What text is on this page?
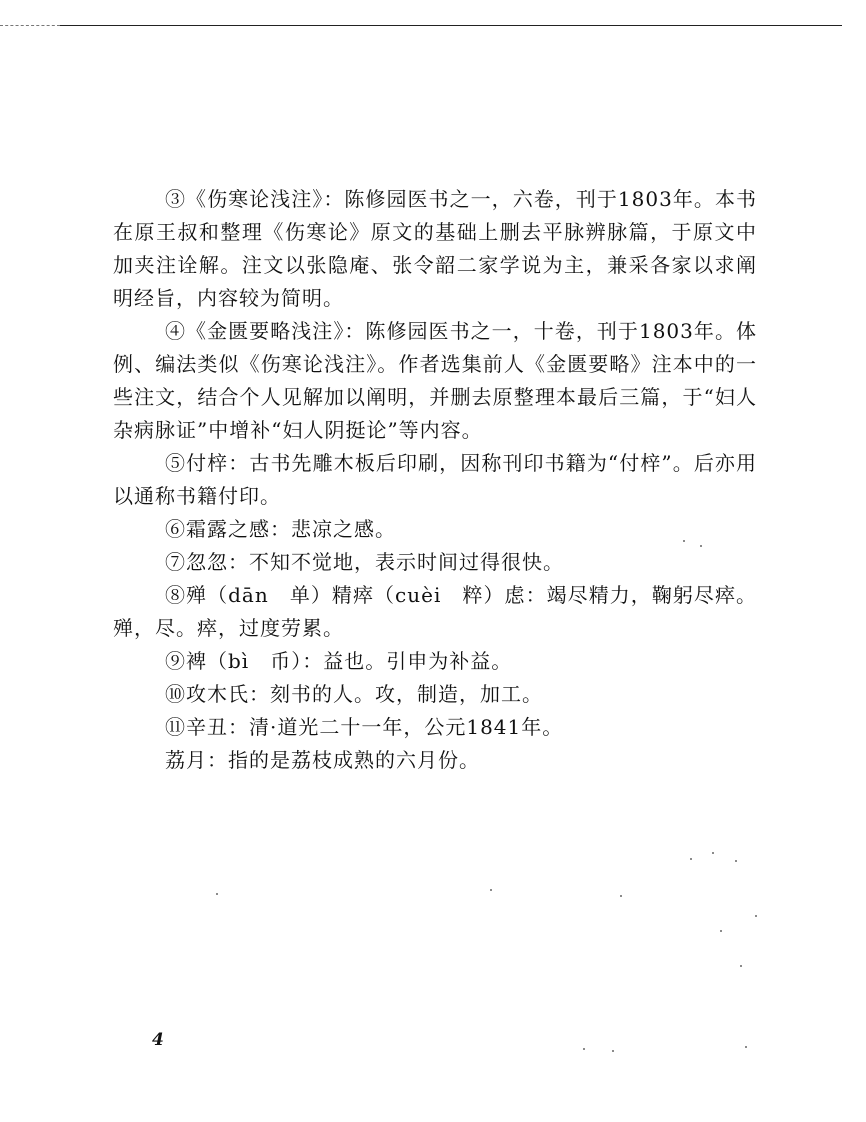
③《伤寒论浅注》：陈修园医书之一，六卷，刊于1803年。本书在原王叔和整理《伤寒论》原文的基础上删去平脉辨脉篇，于原文中加夹注诠解。注文以张隐庵、张令韶二家学说为主，兼采各家以求阐明经旨，内容较为简明。

④《金匮要略浅注》：陈修园医书之一，十卷，刊于1803年。体例、编法类似《伤寒论浅注》。作者选集前人《金匮要略》注本中的一些注文，结合个人见解加以阐明，并删去原整理本最后三篇，于“妇人杂病脉证”中增补“妇人阴挺论”等内容。

⑤付梓：古书先雕木板后印刷，因称刊印书籍为“付梓”。后亦用以通称书籍付印。

⑥霜露之感：悲凉之感。

⑦忽忽：不知不觉地，表示时间过得很快。

⑧殚（dān　单）精瘁（cuèi　粹）虑：竭尽精力，鞠躬尽瘁。殚，尽。瘁，过度劳累。

⑨裨（bì　币）：益也。引申为补益。

⑩攻木氏：刻书的人。攻，制造，加工。

⑪辛丑：清·道光二十一年，公元1841年。

荔月：指的是荔枝成熟的六月份。

4
